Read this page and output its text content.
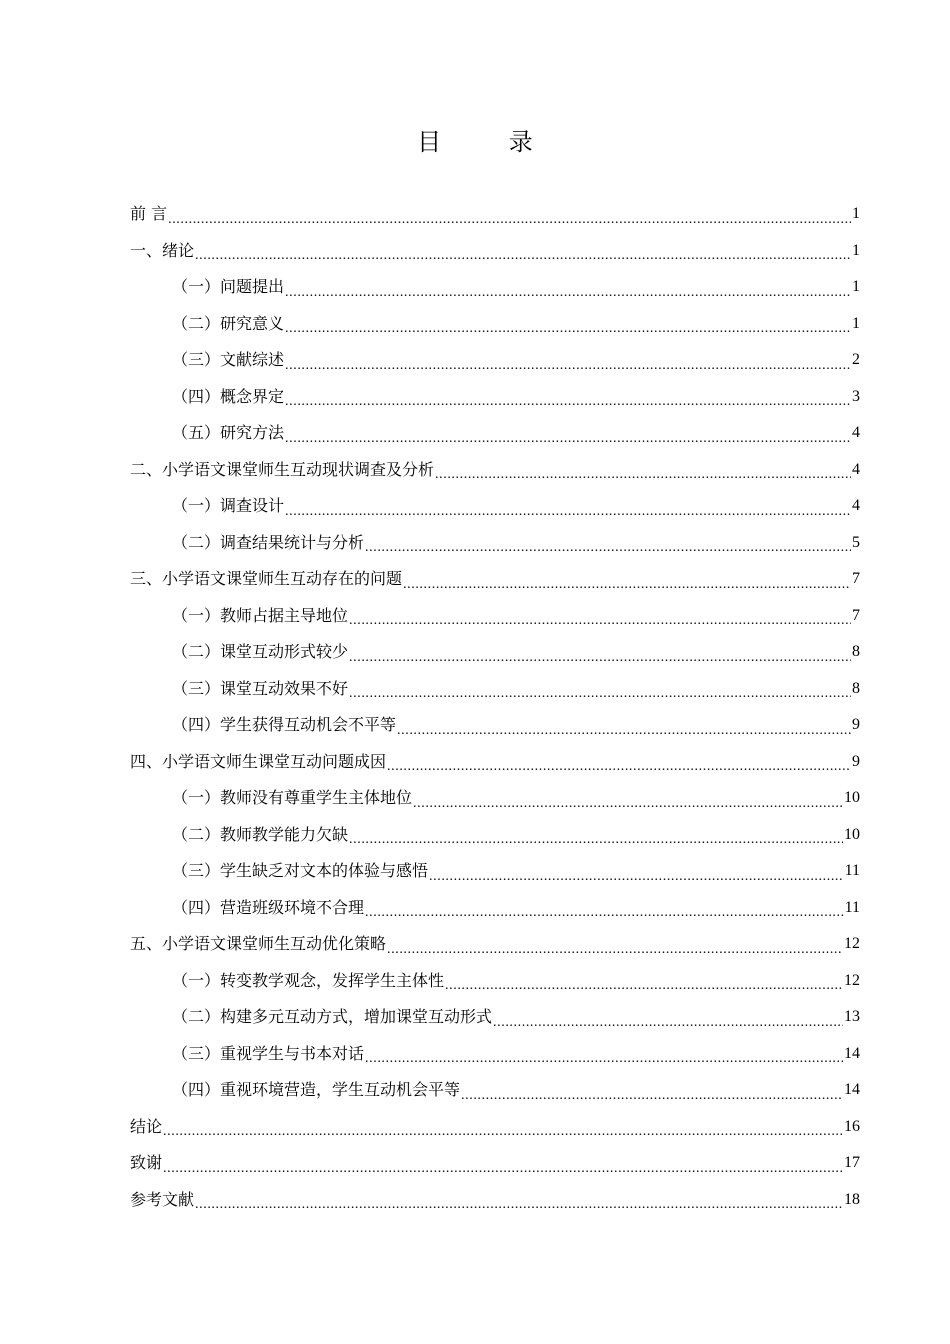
目 录
前 言 .....	1
一、绪论 .....	1
（一）问题提出 .....	1
（二）研究意义 .....	1
（三）文献综述 .....	2
（四）概念界定 .....	3
（五）研究方法 .....	4
二、小学语文课堂师生互动现状调查及分析 .....	4
（一）调查设计 .....	4
（二）调查结果统计与分析 .....	5
三、小学语文课堂师生互动存在的问题 .....	7
（一）教师占据主导地位 .....	7
（二）课堂互动形式较少 .....	8
（三）课堂互动效果不好 .....	8
（四）学生获得互动机会不平等 .....	9
四、小学语文师生课堂互动问题成因 .....	9
（一）教师没有尊重学生主体地位 .....	10
（二）教师教学能力欠缺 .....	10
（三）学生缺乏对文本的体验与感悟 .....	11
（四）营造班级环境不合理 .....	11
五、小学语文课堂师生互动优化策略 .....	12
（一）转变教学观念，发挥学生主体性 .....	12
（二）构建多元互动方式，增加课堂互动形式 .....	13
（三）重视学生与书本对话 .....	14
（四）重视环境营造，学生互动机会平等 .....	14
结论 .....	16
致谢 .....	17
参考文献 .....	18
